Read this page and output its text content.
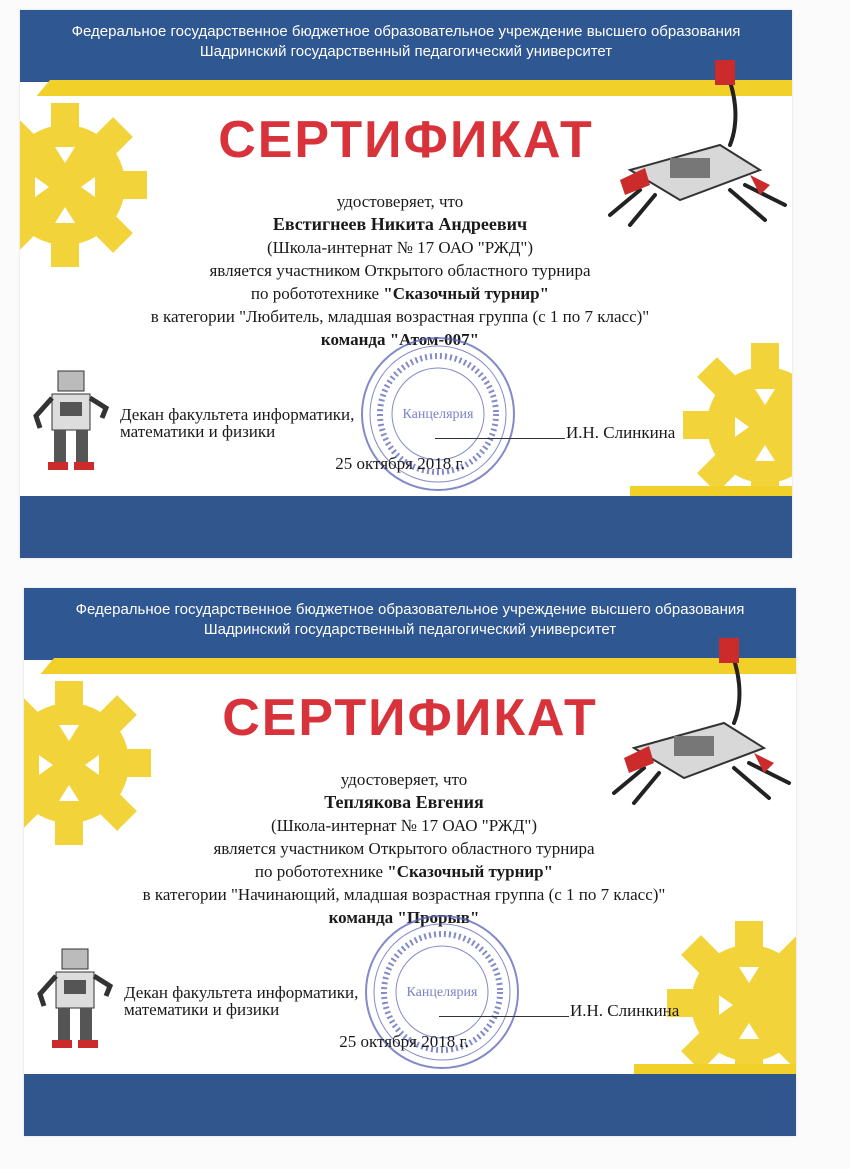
Федеральное государственное бюджетное образовательное учреждение высшего образования
Шадринский государственный педагогический университет
СЕРТИФИКАТ
удостоверяет, что
Евстигнеев Никита Андреевич
(Школа-интернат № 17 ОАО "РЖД")
является участником Открытого областного турнира
по робототехнике "Сказочный турнир"
в категории "Любитель, младшая возрастная группа (с 1 по 7 класс)"
команда "Атом-007"
Канцелярия
Декан факультета информатики,
математики и физики	И.Н. Слинкина
25 октября 2018 г.
Федеральное государственное бюджетное образовательное учреждение высшего образования
Шадринский государственный педагогический университет
СЕРТИФИКАТ
удостоверяет, что
Теплякова Евгения
(Школа-интернат № 17 ОАО "РЖД")
является участником Открытого областного турнира
по робототехнике "Сказочный турнир"
в категории "Начинающий, младшая возрастная группа (с 1 по 7 класс)"
команда "Прорыв"
Канцелярия
Декан факультета информатики,
математики и физики	И.Н. Слинкина
25 октября 2018 г.
